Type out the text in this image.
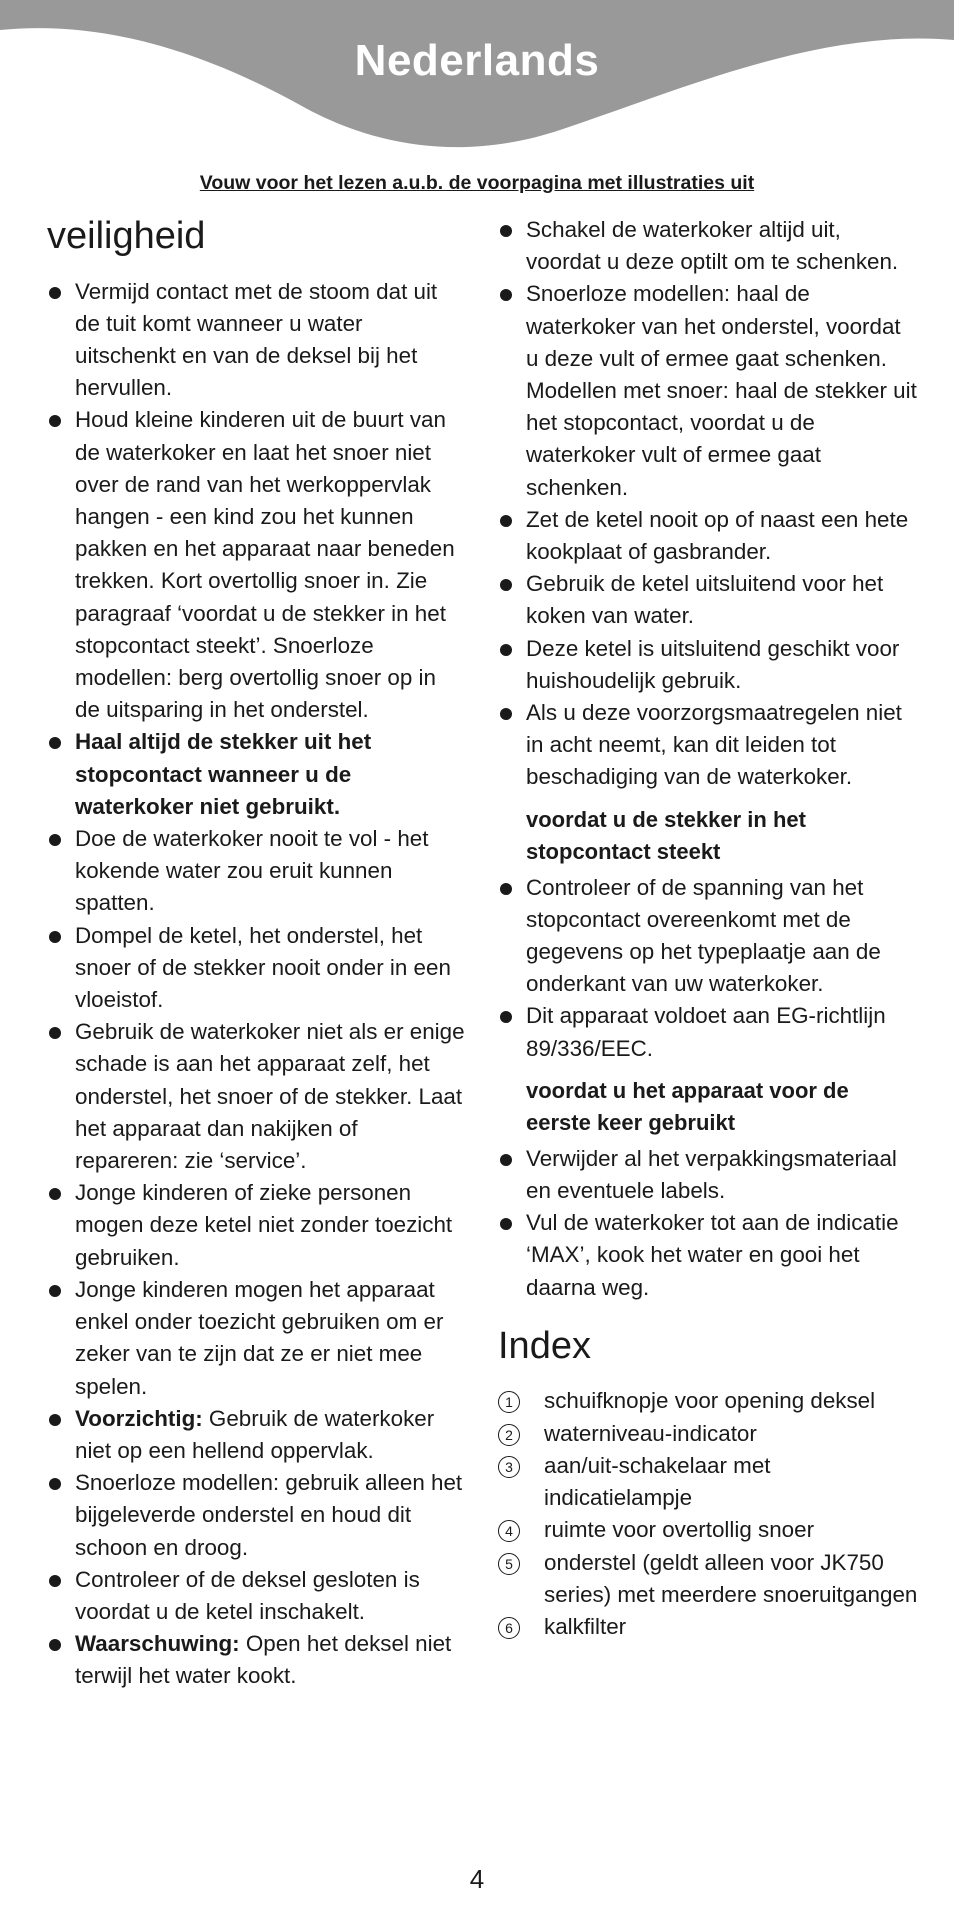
Nederlands
Vouw voor het lezen a.u.b. de voorpagina met illustraties uit
veiligheid
Vermijd contact met de stoom dat uit de tuit komt wanneer u water uitschenkt en van de deksel bij het hervullen.
Houd kleine kinderen uit de buurt van de waterkoker en laat het snoer niet over de rand van het werkoppervlak hangen - een kind zou het kunnen pakken en het apparaat naar beneden trekken. Kort overtollig snoer in. Zie paragraaf ‘voordat u de stekker in het stopcontact steekt’. Snoerloze modellen: berg overtollig snoer op in de uitsparing in het onderstel.
Haal altijd de stekker uit het stopcontact wanneer u de waterkoker niet gebruikt.
Doe de waterkoker nooit te vol - het kokende water zou eruit kunnen spatten.
Dompel de ketel, het onderstel, het snoer of de stekker nooit onder in een vloeistof.
Gebruik de waterkoker niet als er enige schade is aan het apparaat zelf, het onderstel, het snoer of de stekker. Laat het apparaat dan nakijken of repareren: zie ‘service’.
Jonge kinderen of zieke personen mogen deze ketel niet zonder toezicht gebruiken.
Jonge kinderen mogen het apparaat enkel onder toezicht gebruiken om er zeker van te zijn dat ze er niet mee spelen.
Voorzichtig: Gebruik de waterkoker niet op een hellend oppervlak.
Snoerloze modellen: gebruik alleen het bijgeleverde onderstel en houd dit schoon en droog.
Controleer of de deksel gesloten is voordat u de ketel inschakelt.
Waarschuwing: Open het deksel niet terwijl het water kookt.
Schakel de waterkoker altijd uit, voordat u deze optilt om te schenken.
Snoerloze modellen: haal de waterkoker van het onderstel, voordat u deze vult of ermee gaat schenken. Modellen met snoer: haal de stekker uit het stopcontact, voordat u de waterkoker vult of ermee gaat schenken.
Zet de ketel nooit op of naast een hete kookplaat of gasbrander.
Gebruik de ketel uitsluitend voor het koken van water.
Deze ketel is uitsluitend geschikt voor huishoudelijk gebruik.
Als u deze voorzorgsmaatregelen niet in acht neemt, kan dit leiden tot beschadiging van de waterkoker.
voordat u de stekker in het stopcontact steekt
Controleer of de spanning van het stopcontact overeenkomt met de gegevens op het typeplaatje aan de onderkant van uw waterkoker.
Dit apparaat voldoet aan EG-richtlijn 89/336/EEC.
voordat u het apparaat voor de eerste keer gebruikt
Verwijder al het verpakkingsmateriaal en eventuele labels.
Vul de waterkoker tot aan de indicatie ‘MAX’, kook het water en gooi het daarna weg.
Index
1	schuifknopje voor opening deksel
2	waterniveau-indicator
3	aan/uit-schakelaar met indicatielampje
4	ruimte voor overtollig snoer
5	onderstel (geldt alleen voor JK750 series) met meerdere snoeruitgangen
6	kalkfilter
4
